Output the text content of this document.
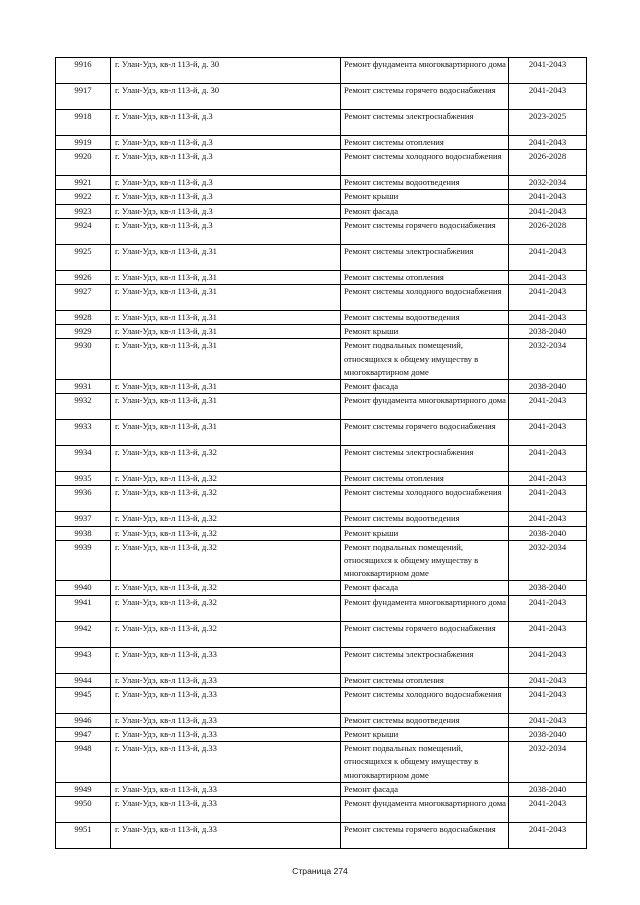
9916	г. Улан-Удэ, кв-л 113-й, д. 30	Ремонт фундамента многоквартирного дома	2041-2043
9917	г. Улан-Удэ, кв-л 113-й, д. 30	Ремонт системы горячего водоснабжения	2041-2043
9918	г. Улан-Удэ, кв-л 113-й, д.3	Ремонт системы электроснабжения	2023-2025
9919	г. Улан-Удэ, кв-л 113-й, д.3	Ремонт системы отопления	2041-2043
9920	г. Улан-Удэ, кв-л 113-й, д.3	Ремонт системы холодного водоснабжения	2026-2028
9921	г. Улан-Удэ, кв-л 113-й, д.3	Ремонт системы водоотведения	2032-2034
9922	г. Улан-Удэ, кв-л 113-й, д.3	Ремонт крыши	2041-2043
9923	г. Улан-Удэ, кв-л 113-й, д.3	Ремонт фасада	2041-2043
9924	г. Улан-Удэ, кв-л 113-й, д.3	Ремонт системы горячего водоснабжения	2026-2028
9925	г. Улан-Удэ, кв-л 113-й, д.31	Ремонт системы электроснабжения	2041-2043
9926	г. Улан-Удэ, кв-л 113-й, д.31	Ремонт системы отопления	2041-2043
9927	г. Улан-Удэ, кв-л 113-й, д.31	Ремонт системы холодного водоснабжения	2041-2043
9928	г. Улан-Удэ, кв-л 113-й, д.31	Ремонт системы водоотведения	2041-2043
9929	г. Улан-Удэ, кв-л 113-й, д.31	Ремонт крыши	2038-2040
9930	г. Улан-Удэ, кв-л 113-й, д.31	Ремонт подвальных помещений, относящихся к общему имуществу в многоквартирном доме	2032-2034
9931	г. Улан-Удэ, кв-л 113-й, д.31	Ремонт фасада	2038-2040
9932	г. Улан-Удэ, кв-л 113-й, д.31	Ремонт фундамента многоквартирного дома	2041-2043
9933	г. Улан-Удэ, кв-л 113-й, д.31	Ремонт системы горячего водоснабжения	2041-2043
9934	г. Улан-Удэ, кв-л 113-й, д.32	Ремонт системы электроснабжения	2041-2043
9935	г. Улан-Удэ, кв-л 113-й, д.32	Ремонт системы отопления	2041-2043
9936	г. Улан-Удэ, кв-л 113-й, д.32	Ремонт системы холодного водоснабжения	2041-2043
9937	г. Улан-Удэ, кв-л 113-й, д.32	Ремонт системы водоотведения	2041-2043
9938	г. Улан-Удэ, кв-л 113-й, д.32	Ремонт крыши	2038-2040
9939	г. Улан-Удэ, кв-л 113-й, д.32	Ремонт подвальных помещений, относящихся к общему имуществу в многоквартирном доме	2032-2034
9940	г. Улан-Удэ, кв-л 113-й, д.32	Ремонт фасада	2038-2040
9941	г. Улан-Удэ, кв-л 113-й, д.32	Ремонт фундамента многоквартирного дома	2041-2043
9942	г. Улан-Удэ, кв-л 113-й, д.32	Ремонт системы горячего водоснабжения	2041-2043
9943	г. Улан-Удэ, кв-л 113-й, д.33	Ремонт системы электроснабжения	2041-2043
9944	г. Улан-Удэ, кв-л 113-й, д.33	Ремонт системы отопления	2041-2043
9945	г. Улан-Удэ, кв-л 113-й, д.33	Ремонт системы холодного водоснабжения	2041-2043
9946	г. Улан-Удэ, кв-л 113-й, д.33	Ремонт системы водоотведения	2041-2043
9947	г. Улан-Удэ, кв-л 113-й, д.33	Ремонт крыши	2038-2040
9948	г. Улан-Удэ, кв-л 113-й, д.33	Ремонт подвальных помещений, относящихся к общему имуществу в многоквартирном доме	2032-2034
9949	г. Улан-Удэ, кв-л 113-й, д.33	Ремонт фасада	2038-2040
9950	г. Улан-Удэ, кв-л 113-й, д.33	Ремонт фундамента многоквартирного дома	2041-2043
9951	г. Улан-Удэ, кв-л 113-й, д.33	Ремонт системы горячего водоснабжения	2041-2043
Страница 274
